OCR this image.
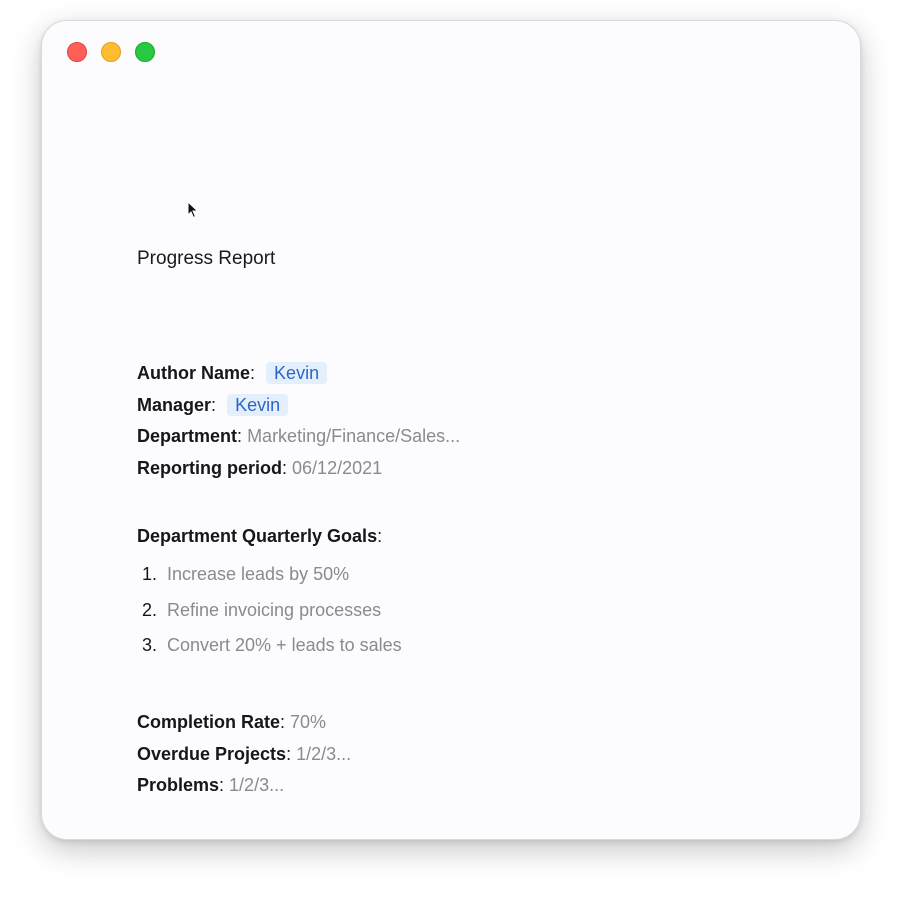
Progress Report
Author Name: Kevin
Manager: Kevin
Department: Marketing/Finance/Sales...
Reporting period: 06/12/2021
Department Quarterly Goals:
1. Increase leads by 50%
2. Refine invoicing processes
3. Convert 20% + leads to sales
Completion Rate: 70%
Overdue Projects: 1/2/3...
Problems: 1/2/3...
